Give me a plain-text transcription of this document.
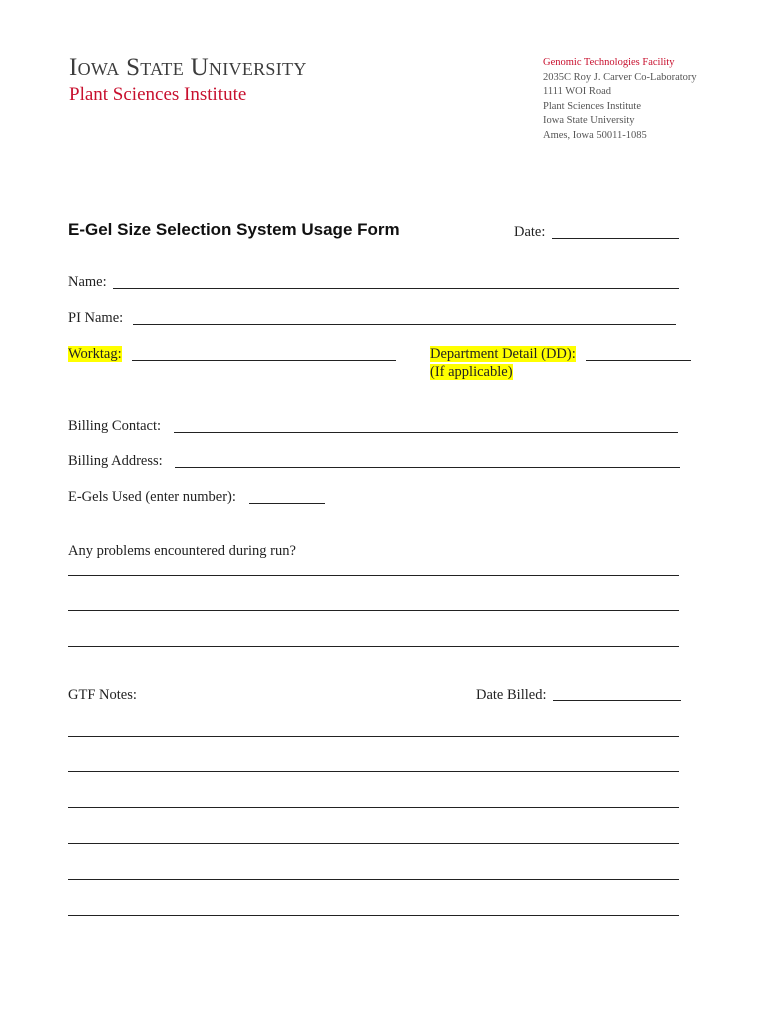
Iowa State University
Plant Sciences Institute
Genomic Technologies Facility
2035C Roy J. Carver Co-Laboratory
1111 WOI Road
Plant Sciences Institute
Iowa State University
Ames, Iowa 50011-1085
E-Gel Size Selection System Usage Form	Date:
Name:
PI Name:
Worktag:	Department Detail (DD):
(If applicable)
Billing Contact:
Billing Address:
E-Gels Used (enter number):
Any problems encountered during run?
GTF Notes:	Date Billed:
